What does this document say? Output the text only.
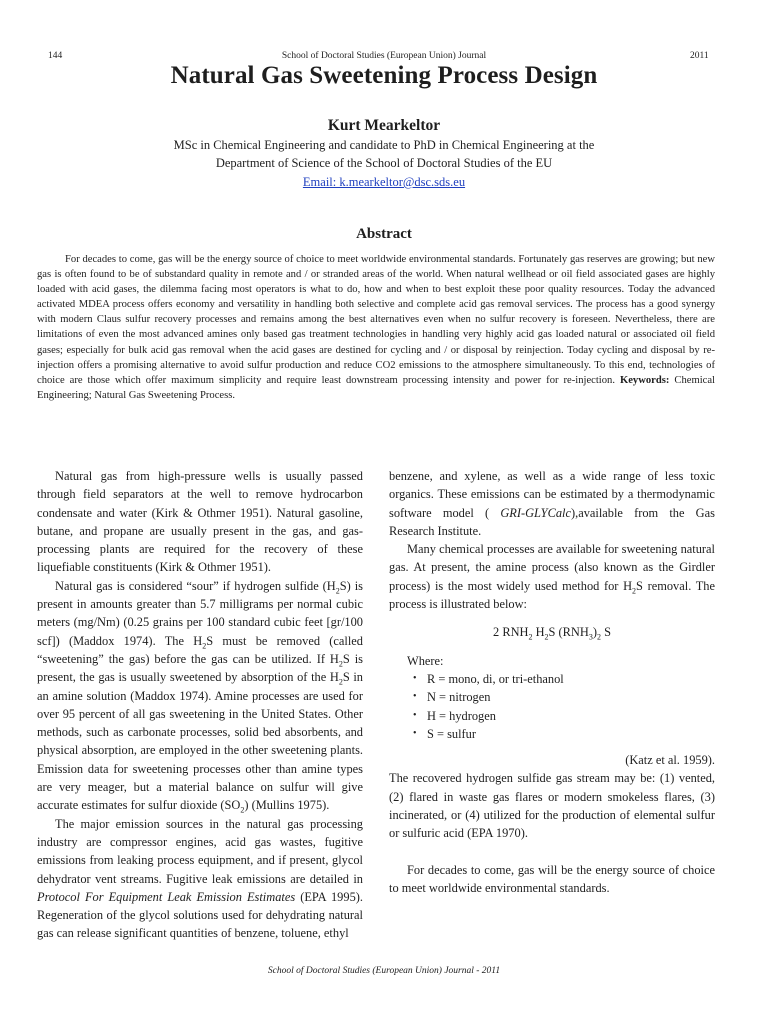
144	School of Doctoral Studies (European Union) Journal	2011
Natural Gas Sweetening Process Design
Kurt Mearkeltor
MSc in Chemical Engineering and candidate to PhD in Chemical Engineering at the
Department of Science of the School of Doctoral Studies of the EU
Email: k.mearkeltor@dsc.sds.eu
Abstract
For decades to come, gas will be the energy source of choice to meet worldwide environmental standards. Fortunately gas reserves are growing; but new gas is often found to be of substandard quality in remote and / or stranded areas of the world. When natural wellhead or oil field associated gases are highly loaded with acid gases, the dilemma facing most operators is what to do, how and when to best exploit these poor quality resources. Today the advanced activated MDEA process offers economy and versatility in handling both selective and complete acid gas removal services. The process has a good synergy with modern Claus sulfur recovery processes and remains among the best alternatives even when no sulfur recovery is foreseen. Nevertheless, there are limitations of even the most advanced amines only based gas treatment technologies in handling very highly acid gas loaded natural or associated oil field gases; especially for bulk acid gas removal when the acid gases are destined for cycling and / or disposal by reinjection. Today cycling and disposal by re-injection offers a promising alternative to avoid sulfur production and reduce CO2 emissions to the atmosphere simultaneously. To this end, technologies of choice are those which offer maximum simplicity and require least downstream processing intensity and power for re-injection. Keywords: Chemical Engineering; Natural Gas Sweetening Process.

Natural gas from high-pressure wells is usually passed through field separators at the well to remove hydrocarbon condensate and water (Kirk & Othmer 1951). Natural gasoline, butane, and propane are usually present in the gas, and gas-processing plants are required for the recovery of these liquefiable constituents (Kirk & Othmer 1951).

Natural gas is considered “sour” if hydrogen sulfide $(H_2S)$ is present in amounts greater than 5.7 milligrams per normal cubic meters (mg/Nm) (0.25 grains per 100 standard cubic feet [gr/100 scf]) (Maddox 1974). The $H_2S$ must be removed (called “sweetening” the gas) before the gas can be utilized. If $H_2S$ is present, the gas is usually sweetened by absorption of the $H_2S$ in an amine solution (Maddox 1974). Amine processes are used for over 95 percent of all gas sweetening in the United States. Other methods, such as carbonate processes, solid bed absorbents, and physical absorption, are employed in the other sweetening plants. Emission data for sweetening processes other than amine types are very meager, but a material balance on sulfur will give accurate estimates for sulfur dioxide $(SO_2)$ (Mullins 1975).

The major emission sources in the natural gas processing industry are compressor engines, acid gas wastes, fugitive emissions from leaking process equipment, and if present, glycol dehydrator vent streams. Fugitive leak emissions are detailed in Protocol For Equipment Leak Emission Estimates (EPA 1995). Regeneration of the glycol solutions used for dehydrating natural gas can release significant quantities of benzene, toluene, ethyl

benzene, and xylene, as well as a wide range of less toxic organics. These emissions can be estimated by a thermodynamic software model ( GRI-GLYCalc),available from the Gas Research Institute.

Many chemical processes are available for sweetening natural gas. At present, the amine process (also known as the Girdler process) is the most widely used method for $H_2S$ removal. The process is illustrated below:

2 $RNH_2$ $H_2S$ $(RNH_3)_2$ S
Where:
• R = mono, di, or tri-ethanol
• N = nitrogen
• H = hydrogen
• S = sulfur
(Katz et al. 1959).

The recovered hydrogen sulfide gas stream may be: (1) vented, (2) flared in waste gas flares or modern smokeless flares, (3) incinerated, or (4) utilized for the production of elemental sulfur or sulfuric acid (EPA 1970).

For decades to come, gas will be the energy source of choice to meet worldwide environmental standards.

School of Doctoral Studies (European Union) Journal - 2011
